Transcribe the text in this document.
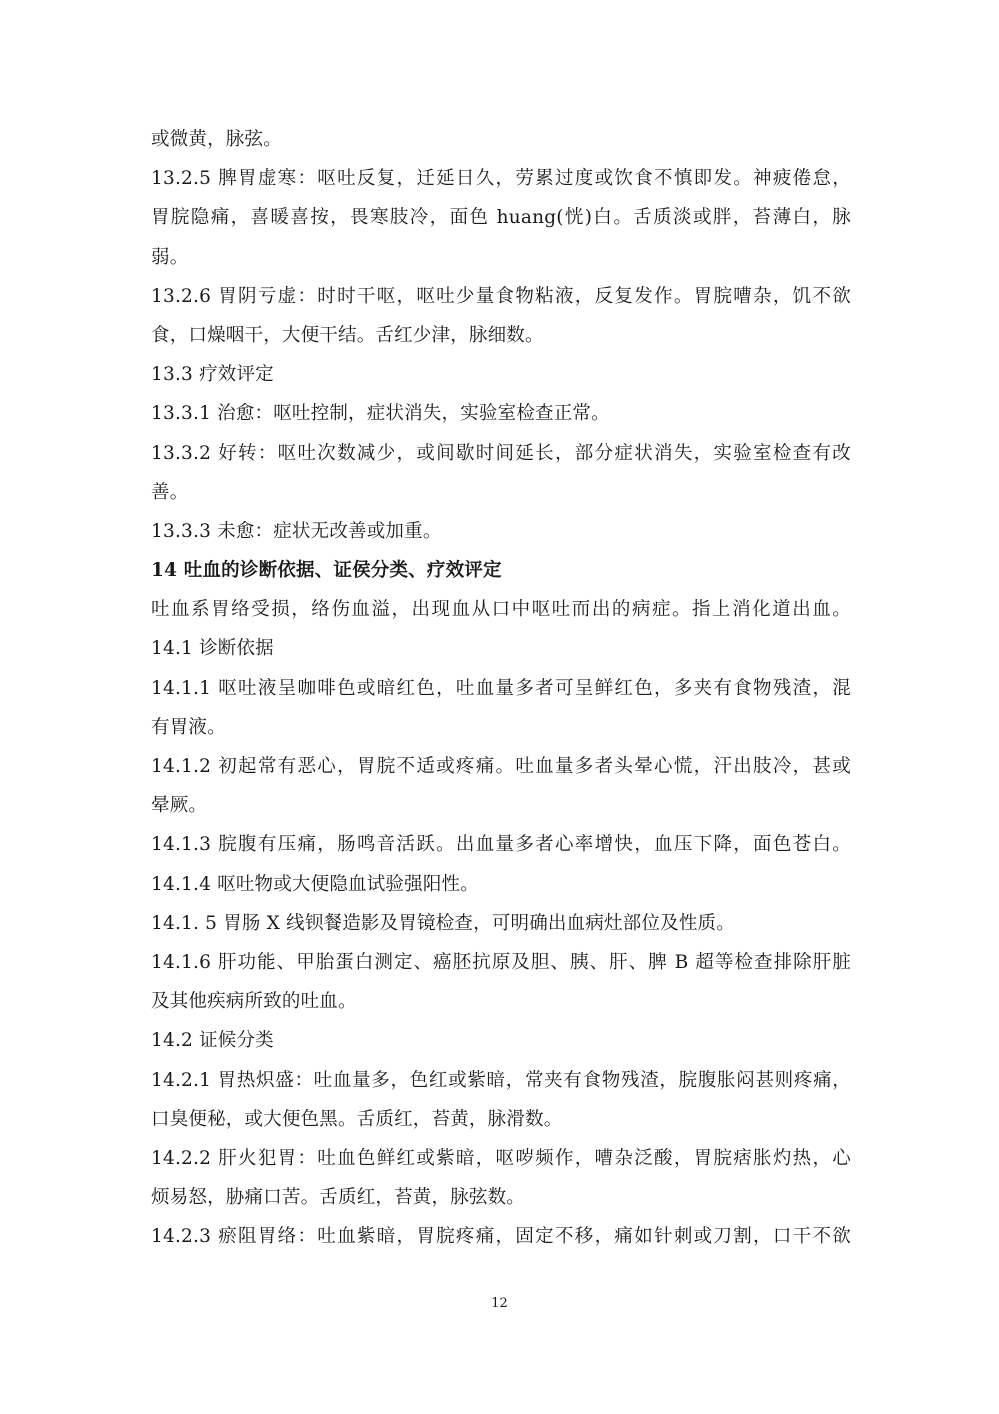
或微黄，脉弦。
13.2.5 脾胃虚寒：呕吐反复，迁延日久，劳累过度或饮食不慎即发。神疲倦怠，
胃脘隐痛，喜暖喜按，畏寒肢冷，面色 huang(恍)白。舌质淡或胖，苔薄白，脉
弱。
13.2.6 胃阴亏虚：时时干呕，呕吐少量食物粘液，反复发作。胃脘嘈杂，饥不欲
食，口燥咽干，大便干结。舌红少津，脉细数。
13.3 疗效评定
13.3.1 治愈：呕吐控制，症状消失，实验室检查正常。
13.3.2 好转：呕吐次数减少，或间歇时间延长，部分症状消失，实验室检查有改
善。
13.3.3 未愈：症状无改善或加重。
14 吐血的诊断依据、证侯分类、疗效评定
吐血系胃络受损，络伤血溢，出现血从口中呕吐而出的病症。指上消化道出血。
14.1 诊断依据
14.1.1 呕吐液呈咖啡色或暗红色，吐血量多者可呈鲜红色，多夹有食物残渣，混
有胃液。
14.1.2 初起常有恶心，胃脘不适或疼痛。吐血量多者头晕心慌，汗出肢冷，甚或
晕厥。
14.1.3 脘腹有压痛，肠鸣音活跃。出血量多者心率增快，血压下降，面色苍白。
14.1.4 呕吐物或大便隐血试验强阳性。
14.1. 5 胃肠 X 线钡餐造影及胃镜检查，可明确出血病灶部位及性质。
14.1.6 肝功能、甲胎蛋白测定、癌胚抗原及胆、胰、肝、脾 B 超等检查排除肝脏
及其他疾病所致的吐血。
14.2 证候分类
14.2.1 胃热炽盛：吐血量多，色红或紫暗，常夹有食物残渣，脘腹胀闷甚则疼痛，
口臭便秘，或大便色黑。舌质红，苔黄，脉滑数。
14.2.2 肝火犯胃：吐血色鲜红或紫暗，呕哕频作，嘈杂泛酸，胃脘痞胀灼热，心
烦易怒，胁痛口苦。舌质红，苔黄，脉弦数。
14.2.3 瘀阻胃络：吐血紫暗，胃脘疼痛，固定不移，痛如针刺或刀割，口干不欲
12
